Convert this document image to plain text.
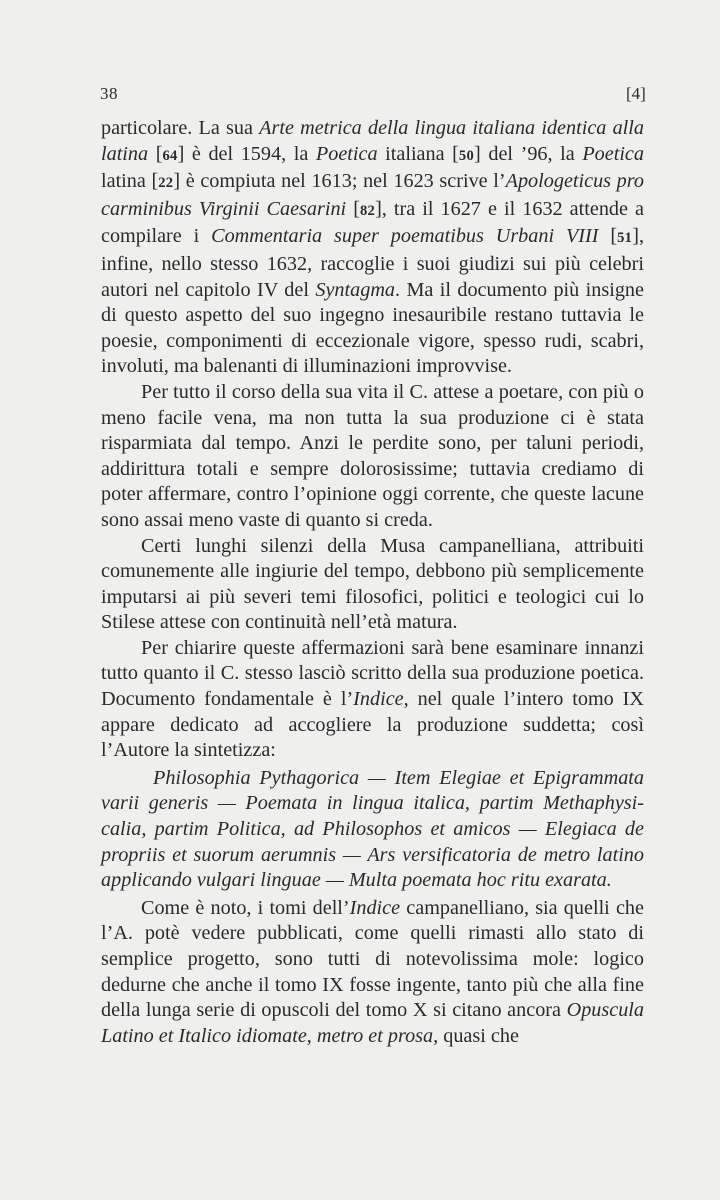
38	[4]

particolare. La sua Arte metrica della lingua italiana identica alla latina [64] è del 1594, la Poetica italiana [50] del ’96, la Poetica latina [22] è compiuta nel 1613; nel 1623 scrive l’Apologeticus pro carminibus Virginii Caesarini [82], tra il 1627 e il 1632 attende a compilare i Commentaria super poematibus Urbani VIII [51], infine, nello stesso 1632, raccoglie i suoi giudizi sui più celebri autori nel capitolo IV del Syntagma. Ma il documento più insigne di questo aspetto del suo ingegno inesauribile restano tuttavia le poesie, componimenti di eccezionale vigore, spesso rudi, scabri, involuti, ma balenanti di illuminazioni improvvise.

Per tutto il corso della sua vita il C. attese a poetare, con più o meno facile vena, ma non tutta la sua produzione ci è stata risparmiata dal tempo. Anzi le perdite sono, per taluni periodi, addirittura totali e sempre dolorosissime; tuttavia crediamo di poter affermare, contro l’opinione oggi corrente, che queste lacune sono assai meno vaste di quanto si creda.

Certi lunghi silenzi della Musa campanelliana, attribuiti comunemente alle ingiurie del tempo, debbono più semplicemente imputarsi ai più severi temi filosofici, politici e teologici cui lo Stilese attese con continuità nell’età matura.

Per chiarire queste affermazioni sarà bene esaminare innanzi tutto quanto il C. stesso lasciò scritto della sua produzione poetica. Documento fondamentale è l’Indice, nel quale l’intero tomo IX appare dedicato ad accogliere la produzione suddetta; così l’Autore la sintetizza:

Philosophia Pythagorica — Item Elegiae et Epigrammata varii generis — Poemata in lingua italica, partim Methaphysicalia, partim Politica, ad Philosophos et amicos — Elegiaca de propriis et suorum aerumnis — Ars versificatoria de metro latino applicando vulgari linguae — Multa poemata hoc ritu exarata.

Come è noto, i tomi dell’Indice campanelliano, sia quelli che l’A. potè vedere pubblicati, come quelli rimasti allo stato di semplice progetto, sono tutti di notevolissima mole: logico dedurne che anche il tomo IX fosse ingente, tanto più che alla fine della lunga serie di opuscoli del tomo X si citano ancora Opuscula Latino et Italico idiomate, metro et prosa, quasi che
